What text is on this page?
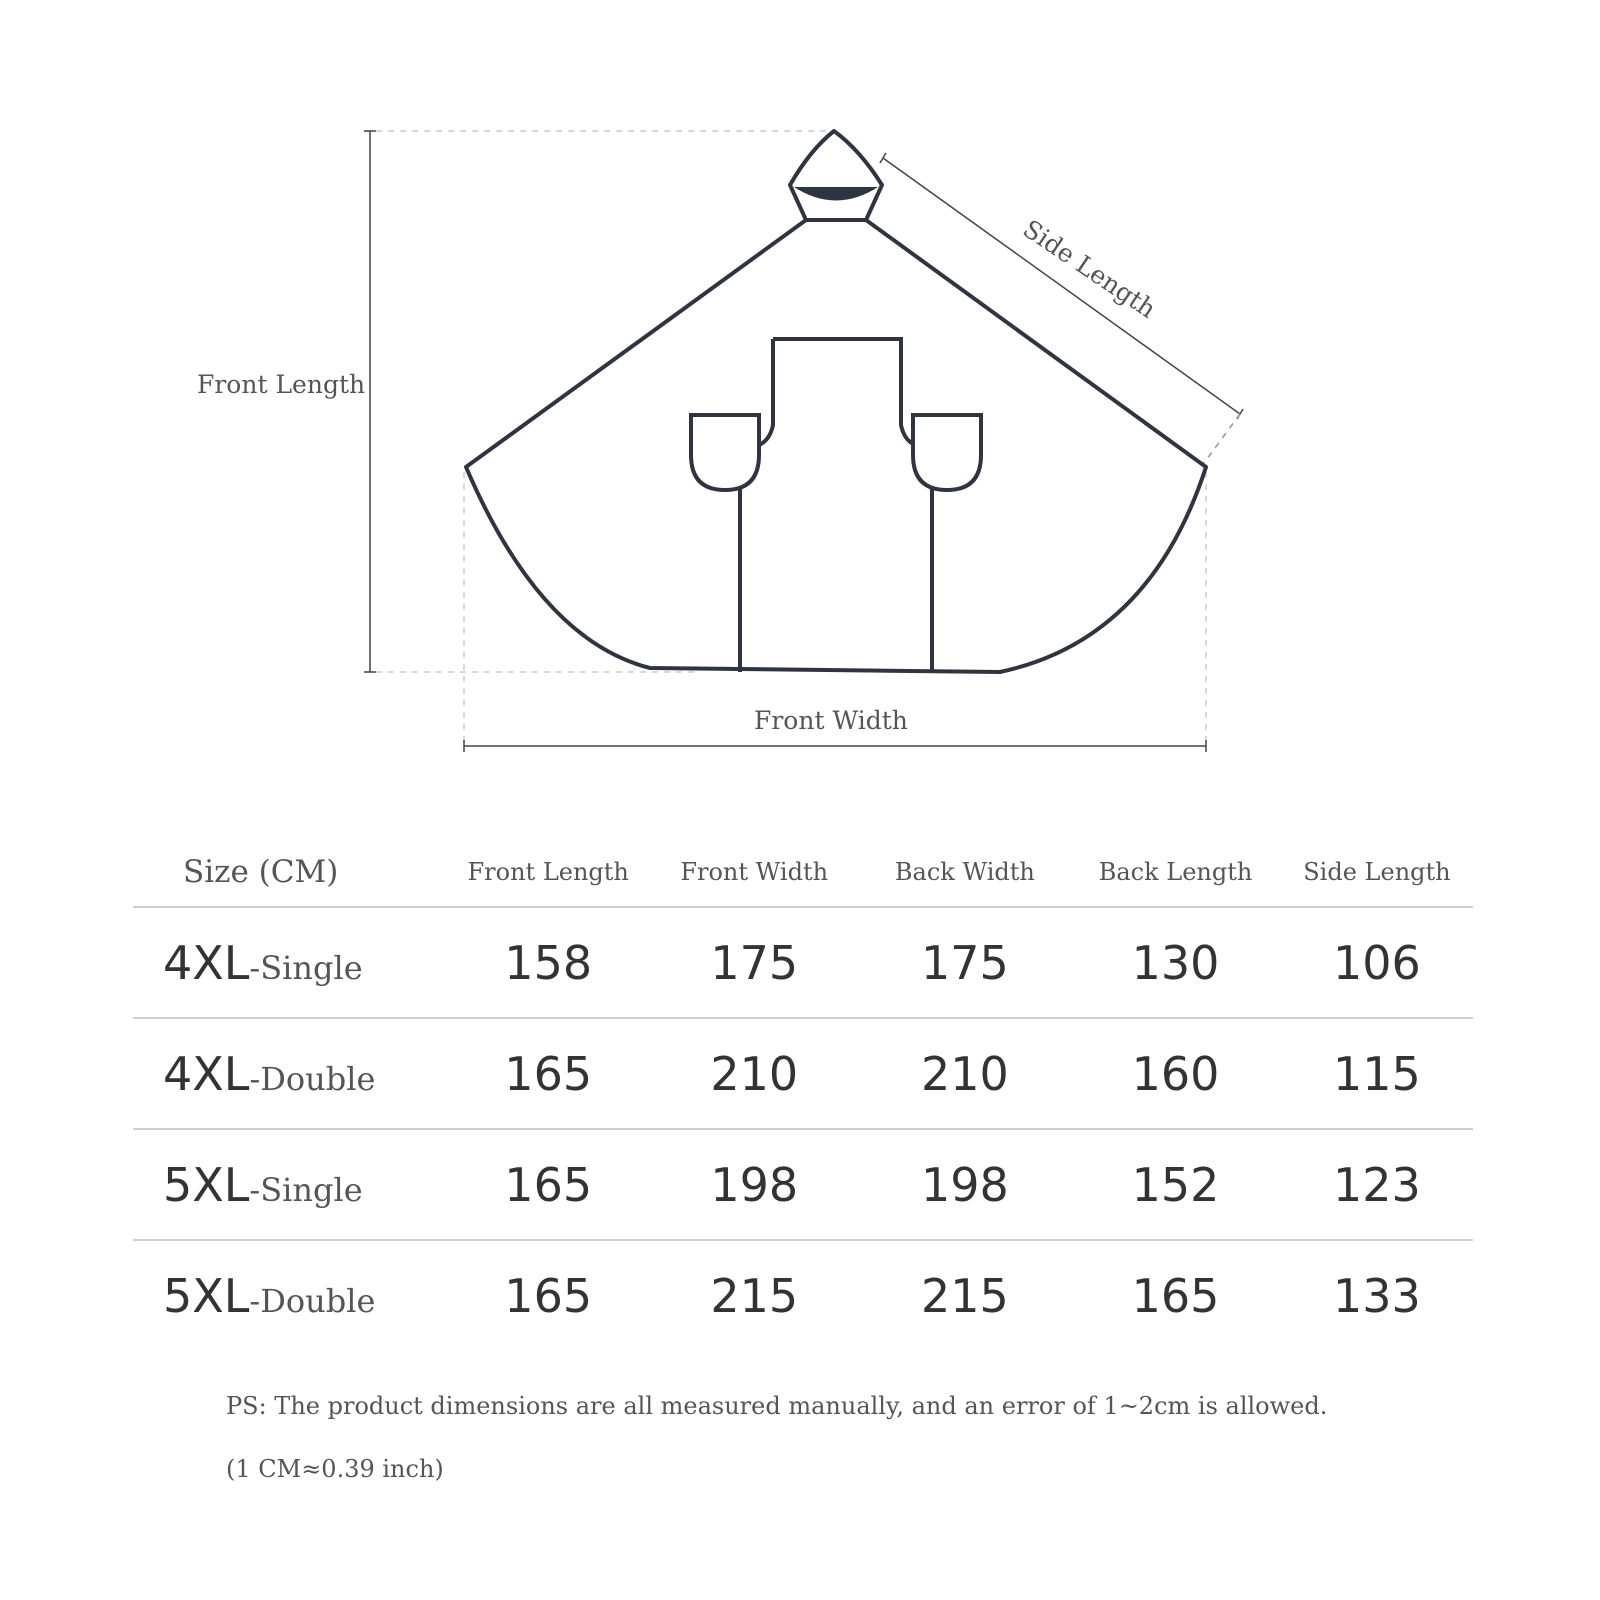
Front Length
Front Width
Side Length
Size (CM)	Front Length	Front Width	Back Width	Back Length	Side Length
4XL-Single	158	175	175	130	106
4XL-Double	165	210	210	160	115
5XL-Single	165	198	198	152	123
5XL-Double	165	215	215	165	133
PS: The product dimensions are all measured manually, and an error of 1~2cm is allowed.
(1 CM≈0.39 inch)
